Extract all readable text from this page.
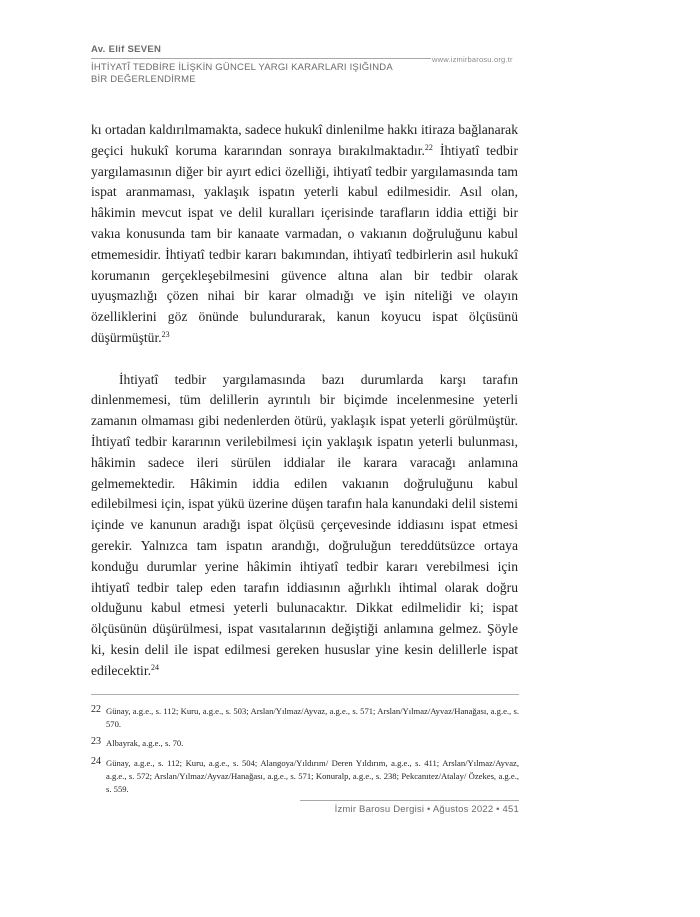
Av. Elif SEVEN
www.izmirbarosu.org.tr
İHTİYATÎ TEDBİRE İLİŞKİN GÜNCEL YARGI KARARLARI IŞIĞINDA
BİR DEĞERLENDİRME

kı ortadan kaldırılmamakta, sadece hukukî dinlenilme hakkı itiraza bağlanarak geçici hukukî koruma kararından sonraya bırakılmaktadır.$^{22}$ İhtiyatî tedbir yargılamasının diğer bir ayırt edici özelliği, ihtiyatî tedbir yargılamasında tam ispat aranmaması, yaklaşık ispatın yeterli kabul edilmesidir. Asıl olan, hâkimin mevcut ispat ve delil kuralları içerisinde tarafların iddia ettiği bir vakıa konusunda tam bir kanaate varmadan, o vakıanın doğruluğunu kabul etmemesidir. İhtiyatî tedbir kararı bakımından, ihtiyatî tedbirlerin asıl hukukî korumanın gerçekleşebilmesini güvence altına alan bir tedbir olarak uyuşmazlığı çözen nihai bir karar olmadığı ve işin niteliği ve olayın özelliklerini göz önünde bulundurarak, kanun koyucu ispat ölçüsünü düşürmüştür.$^{23}$

İhtiyatî tedbir yargılamasında bazı durumlarda karşı tarafın dinlenmemesi, tüm delillerin ayrıntılı bir biçimde incelenmesine yeterli zamanın olmaması gibi nedenlerden ötürü, yaklaşık ispat yeterli görülmüştür. İhtiyatî tedbir kararının verilebilmesi için yaklaşık ispatın yeterli bulunması, hâkimin sadece ileri sürülen iddialar ile karara varacağı anlamına gelmemektedir. Hâkimin iddia edilen vakıanın doğruluğunu kabul edilebilmesi için, ispat yükü üzerine düşen tarafın hala kanundaki delil sistemi içinde ve kanunun aradığı ispat ölçüsü çerçevesinde iddiasını ispat etmesi gerekir. Yalnızca tam ispatın arandığı, doğruluğun tereddütsüzce ortaya konduğu durumlar yerine hâkimin ihtiyatî tedbir kararı verebilmesi için ihtiyatî tedbir talep eden tarafın iddiasının ağırlıklı ihtimal olarak doğru olduğunu kabul etmesi yeterli bulunacaktır. Dikkat edilmelidir ki; ispat ölçüsünün düşürülmesi, ispat vasıtalarının değiştiği anlamına gelmez. Şöyle ki, kesin delil ile ispat edilmesi gereken hususlar yine kesin delillerle ispat edilecektir.$^{24}$

22 Günay, a.g.e., s. 112; Kuru, a.g.e., s. 503; Arslan/Yılmaz/Ayvaz, a.g.e., s. 571; Arslan/Yılmaz/Ayvaz/Hanağası, a.g.e., s. 570.
23 Albayrak, a.g.e., s. 70.
24 Günay, a.g.e., s. 112; Kuru, a.g.e., s. 504; Alangoya/Yıldırım/ Deren Yıldırım, a.g.e., s. 411; Arslan/Yılmaz/Ayvaz, a.g.e., s. 572; Arslan/Yılmaz/Ayvaz/Hanağası, a.g.e., s. 571; Konuralp, a.g.e., s. 238; Pekcanıtez/Atalay/ Özekes, a.g.e., s. 559.
İzmir Barosu Dergisi • Ağustos 2022 • 451
